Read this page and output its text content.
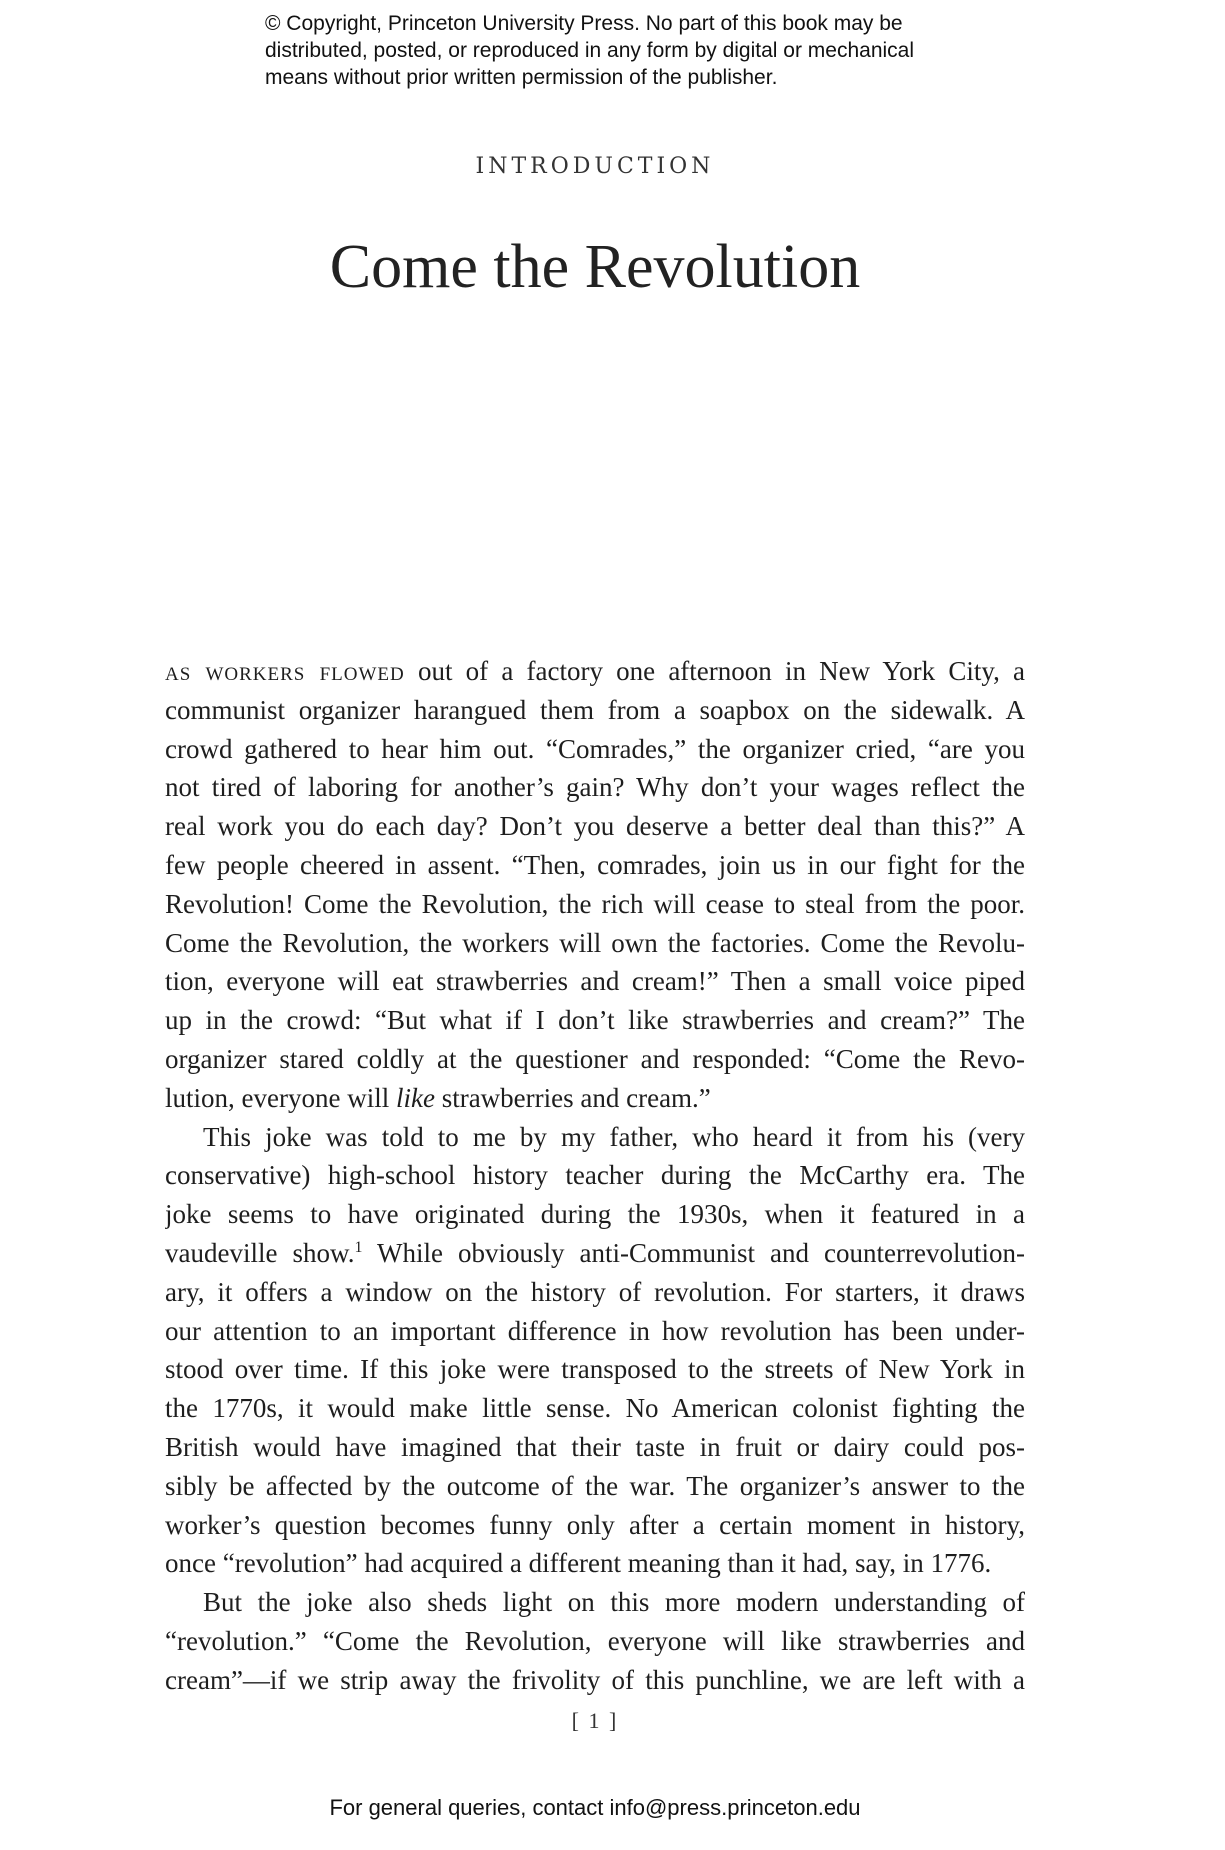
© Copyright, Princeton University Press. No part of this book may be
distributed, posted, or reproduced in any form by digital or mechanical
means without prior written permission of the publisher.
INTRODUCTION
Come the Revolution
as workers flowed out of a factory one afternoon in New York City, a
communist organizer harangued them from a soapbox on the sidewalk. A
crowd gathered to hear him out. “Comrades,” the organizer cried, “are you
not tired of laboring for another’s gain? Why don’t your wages reflect the
real work you do each day? Don’t you deserve a better deal than this?” A
few people cheered in assent. “Then, comrades, join us in our fight for the
Revolution! Come the Revolution, the rich will cease to steal from the poor.
Come the Revolution, the workers will own the factories. Come the Revolu-
tion, everyone will eat strawberries and cream!” Then a small voice piped
up in the crowd: “But what if I don’t like strawberries and cream?” The
organizer stared coldly at the questioner and responded: “Come the Revo-
lution, everyone will like strawberries and cream.”
This joke was told to me by my father, who heard it from his (very
conservative) high-school history teacher during the McCarthy era. The
joke seems to have originated during the 1930s, when it featured in a
vaudeville show.$^1$ While obviously anti-Communist and counterrevolution-
ary, it offers a window on the history of revolution. For starters, it draws
our attention to an important difference in how revolution has been under-
stood over time. If this joke were transposed to the streets of New York in
the 1770s, it would make little sense. No American colonist fighting the
British would have imagined that their taste in fruit or dairy could pos-
sibly be affected by the outcome of the war. The organizer’s answer to the
worker’s question becomes funny only after a certain moment in history,
once “revolution” had acquired a different meaning than it had, say, in 1776.
But the joke also sheds light on this more modern understanding of
“revolution.” “Come the Revolution, everyone will like strawberries and
cream”—if we strip away the frivolity of this punchline, we are left with a
[ 1 ]
For general queries, contact info@press.princeton.edu
